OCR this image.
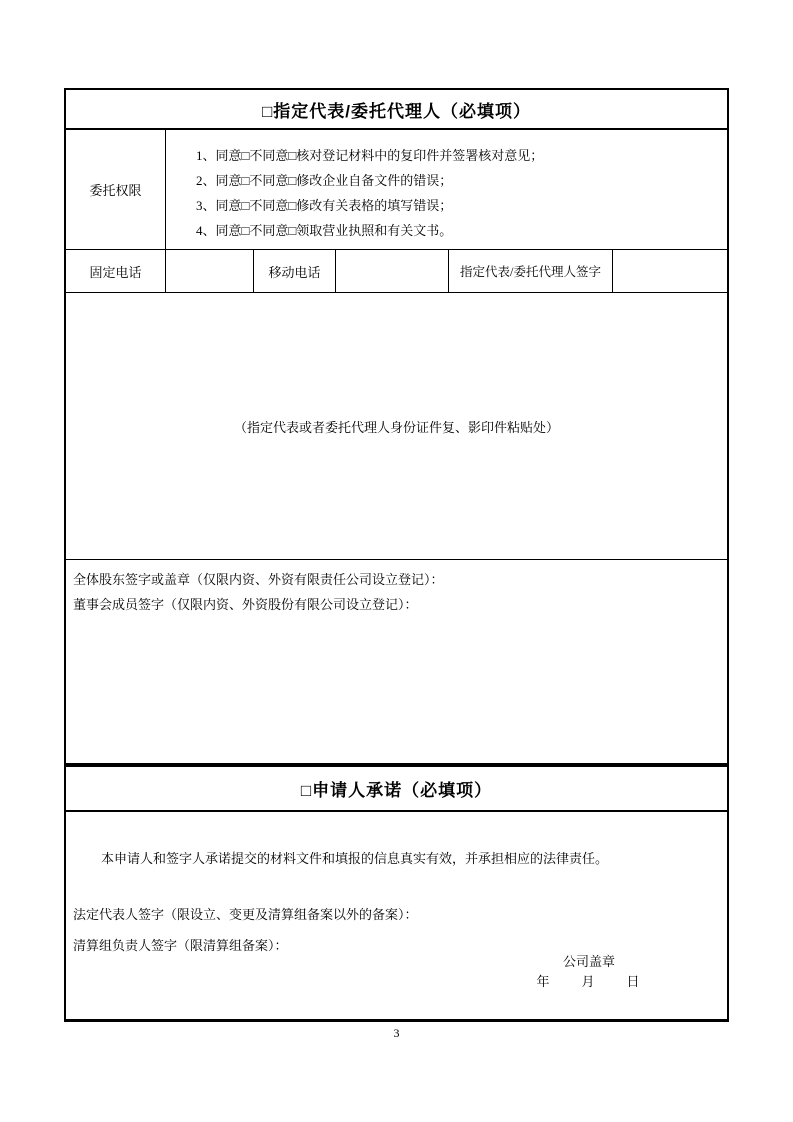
□指定代表/委托代理人（必填项）
委托权限
1、同意□不同意□核对登记材料中的复印件并签署核对意见；
2、同意□不同意□修改企业自备文件的错误；
3、同意□不同意□修改有关表格的填写错误；
4、同意□不同意□领取营业执照和有关文书。
固定电话	移动电话	指定代表/委托代理人签字
（指定代表或者委托代理人身份证件复、影印件粘贴处）
全体股东签字或盖章（仅限内资、外资有限责任公司设立登记）：
董事会成员签字（仅限内资、外资股份有限公司设立登记）：
□申请人承诺（必填项）

本申请人和签字人承诺提交的材料文件和填报的信息真实有效，并承担相应的法律责任。

法定代表人签字（限设立、变更及清算组备案以外的备案）：
清算组负责人签字（限清算组备案）：
公司盖章
年　　月　　日
3
